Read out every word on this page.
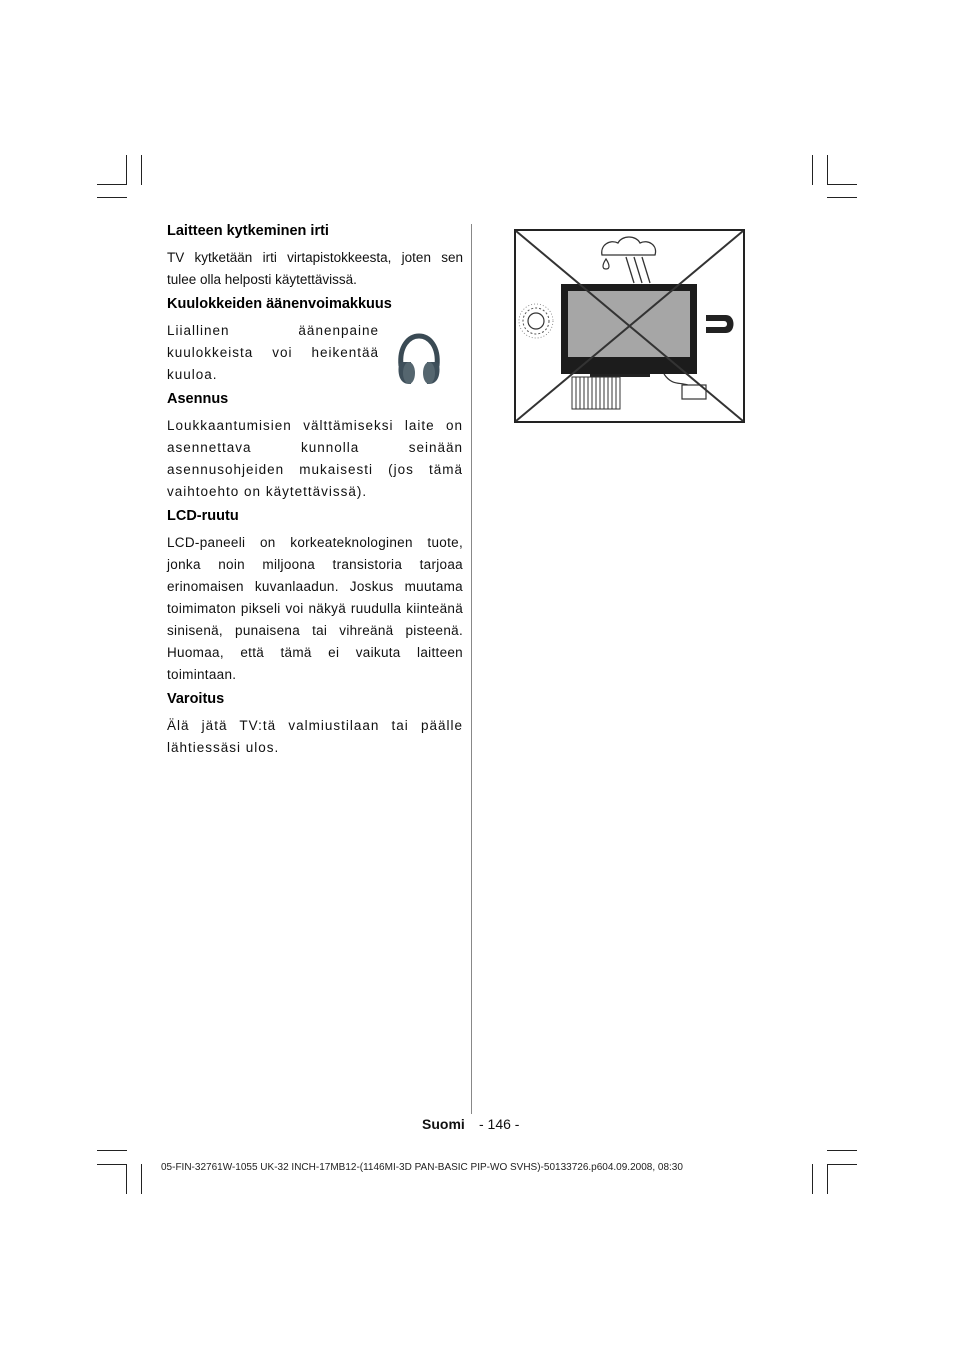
Laitteen kytkeminen irti

TV kytketään irti virtapistokkeesta, joten sen tulee olla helposti käytettävissä.

Kuulokkeiden äänenvoimakkuus

Liiallinen äänenpaine kuulokkeista voi heikentää kuuloa.

Asennus

Loukkaantumisien välttämiseksi laite on asennettava kunnolla seinään asennusohjeiden mukaisesti (jos tämä vaihtoehto on käytettävissä).

LCD-ruutu

LCD-paneeli on korkeateknologinen tuote, jonka noin miljoona transistoria tarjoaa erinomaisen kuvanlaadun. Joskus muutama toimimaton pikseli voi näkyä ruudulla kiinteänä sinisenä, punaisena tai vihreänä pisteenä. Huomaa, että tämä ei vaikuta laitteen toimintaan.

Varoitus

Älä jätä TV:tä valmiustilaan tai päälle lähtiessäsi ulos.

Suomi - 146 -
05-FIN-32761W-1055 UK-32 INCH-17MB12-(1146MI-3D PAN-BASIC PIP-WO SVHS)-50133726.p604.09.2008, 08:30
